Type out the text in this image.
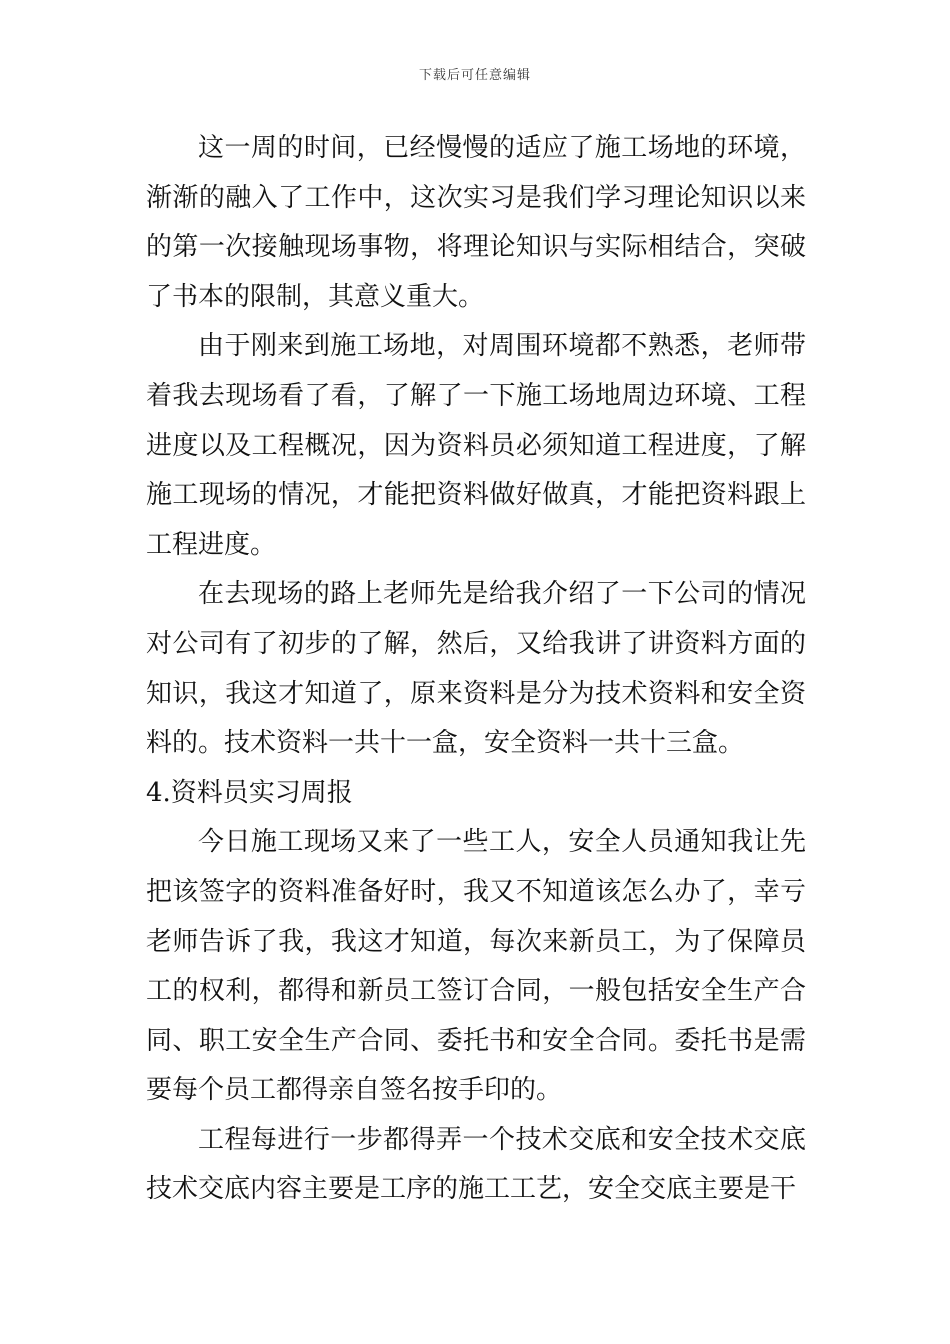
下载后可任意编辑

这一周的时间，已经慢慢的适应了施工场地的环境，渐渐的融入了工作中，这次实习是我们学习理论知识以来的第一次接触现场事物，将理论知识与实际相结合，突破了书本的限制，其意义重大。

由于刚来到施工场地，对周围环境都不熟悉，老师带着我去现场看了看，了解了一下施工场地周边环境、工程进度以及工程概况，因为资料员必须知道工程进度，了解施工现场的情况，才能把资料做好做真，才能把资料跟上工程进度。

在去现场的路上老师先是给我介绍了一下公司的情况对公司有了初步的了解，然后，又给我讲了讲资料方面的知识，我这才知道了，原来资料是分为技术资料和安全资料的。技术资料一共十一盒，安全资料一共十三盒。

4.资料员实习周报

今日施工现场又来了一些工人，安全人员通知我让先把该签字的资料准备好时，我又不知道该怎么办了，幸亏老师告诉了我，我这才知道，每次来新员工，为了保障员工的权利，都得和新员工签订合同，一般包括安全生产合同、职工安全生产合同、委托书和安全合同。委托书是需要每个员工都得亲自签名按手印的。

工程每进行一步都得弄一个技术交底和安全技术交底技术交底内容主要是工序的施工工艺，安全交底主要是干
